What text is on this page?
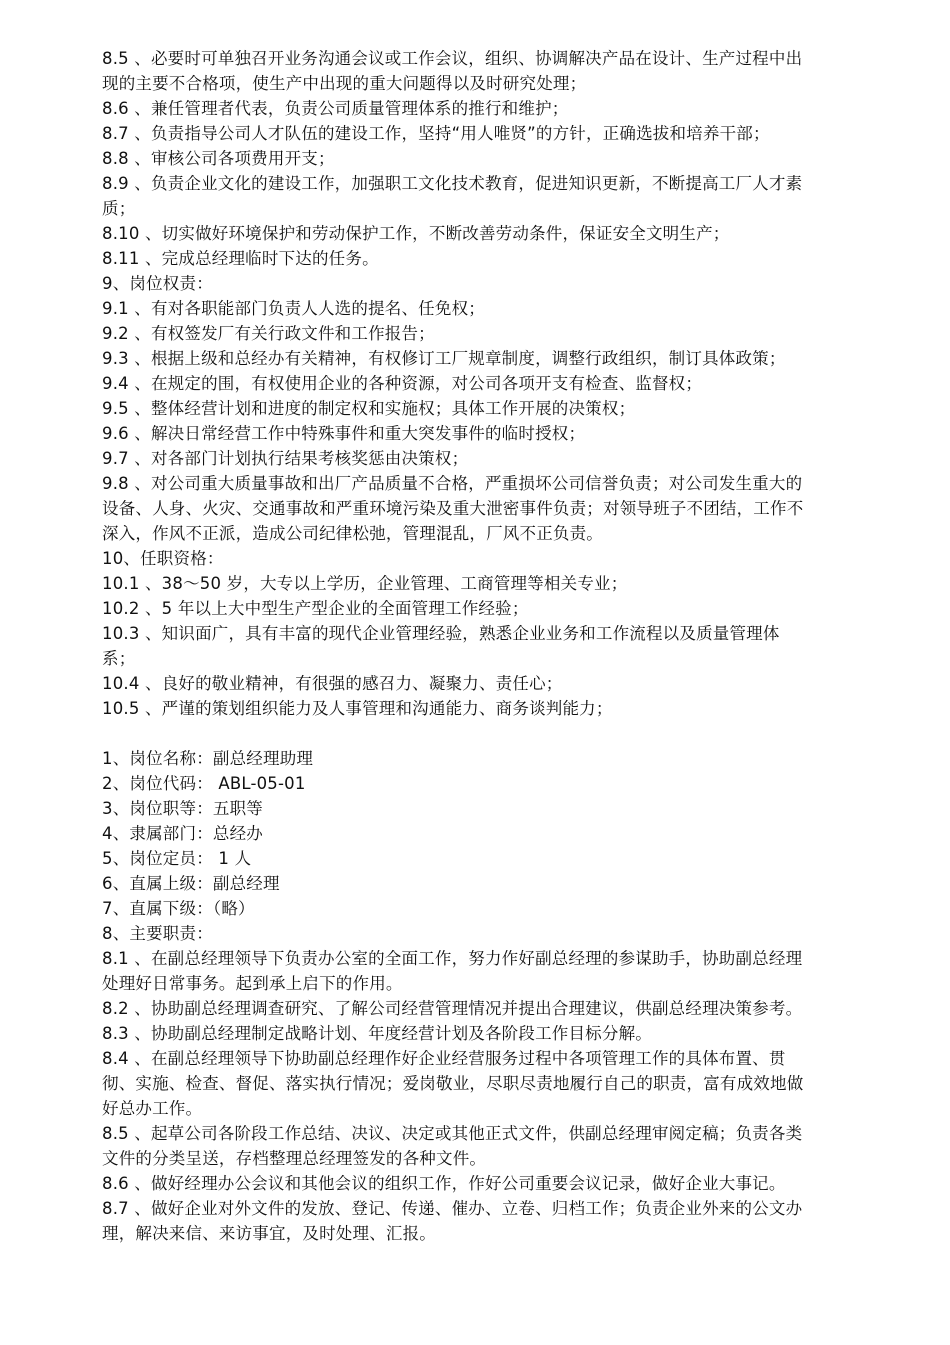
8.5 、必要时可单独召开业务沟通会议或工作会议，组织、协调解决产品在设计、生产过程中出现的主要不合格项，使生产中出现的重大问题得以及时研究处理；

8.6 、兼任管理者代表，负责公司质量管理体系的推行和维护；

8.7 、负责指导公司人才队伍的建设工作，坚持“用人唯贤”的方针，正确选拔和培养干部；

8.8 、审核公司各项费用开支；

8.9 、负责企业文化的建设工作，加强职工文化技术教育，促进知识更新，不断提高工厂人才素质；

8.10 、切实做好环境保护和劳动保护工作，不断改善劳动条件，保证安全文明生产；

8.11 、完成总经理临时下达的任务。

9、岗位权责：

9.1 、有对各职能部门负责人人选的提名、任免权；

9.2 、有权签发厂有关行政文件和工作报告；

9.3 、根据上级和总经办有关精神，有权修订工厂规章制度，调整行政组织，制订具体政策； 9.4 、在规定的围，有权使用企业的各种资源，对公司各项开支有检查、监督权；

9.5 、整体经营计划和进度的制定权和实施权；具体工作开展的决策权；

9.6 、解决日常经营工作中特殊事件和重大突发事件的临时授权；

9.7 、对各部门计划执行结果考核奖惩由决策权；

9.8 、对公司重大质量事故和出厂产品质量不合格，严重损坏公司信誉负责；对公司发生重大的设备、人身、火灾、交通事故和严重环境污染及重大泄密事件负责；对领导班子不团结，工作不深入，作风不正派，造成公司纪律松弛，管理混乱，厂风不正负责。

10、任职资格：

10.1 、38～50 岁，大专以上学历，企业管理、工商管理等相关专业；

10.2 、5 年以上大中型生产型企业的全面管理工作经验；

10.3 、知识面广，具有丰富的现代企业管理经验，熟悉企业业务和工作流程以及质量管理体系；

10.4 、良好的敬业精神，有很强的感召力、凝聚力、责任心；

10.5 、严谨的策划组织能力及人事管理和沟通能力、商务谈判能力；

1、岗位名称：副总经理助理

2、岗位代码： ABL-05-01

3、岗位职等：五职等

4、隶属部门：总经办

5、岗位定员： 1 人

6、直属上级：副总经理

7、直属下级：（略）

8、主要职责：

8.1 、在副总经理领导下负责办公室的全面工作，努力作好副总经理的参谋助手，协助副总经理处理好日常事务。起到承上启下的作用。

8.2 、协助副总经理调查研究、了解公司经营管理情况并提出合理建议，供副总经理决策参考。

8.3 、协助副总经理制定战略计划、年度经营计划及各阶段工作目标分解。

8.4 、在副总经理领导下协助副总经理作好企业经营服务过程中各项管理工作的具体布置、贯彻、实施、检查、督促、落实执行情况；爱岗敬业，尽职尽责地履行自己的职责，富有成效地做好总办工作。

8.5 、起草公司各阶段工作总结、决议、决定或其他正式文件，供副总经理审阅定稿；负责各类文件的分类呈送，存档整理总经理签发的各种文件。

8.6 、做好经理办公会议和其他会议的组织工作，作好公司重要会议记录，做好企业大事记。

8.7 、做好企业对外文件的发放、登记、传递、催办、立卷、归档工作；负责企业外来的公文办理，解决来信、来访事宜，及时处理、汇报。
